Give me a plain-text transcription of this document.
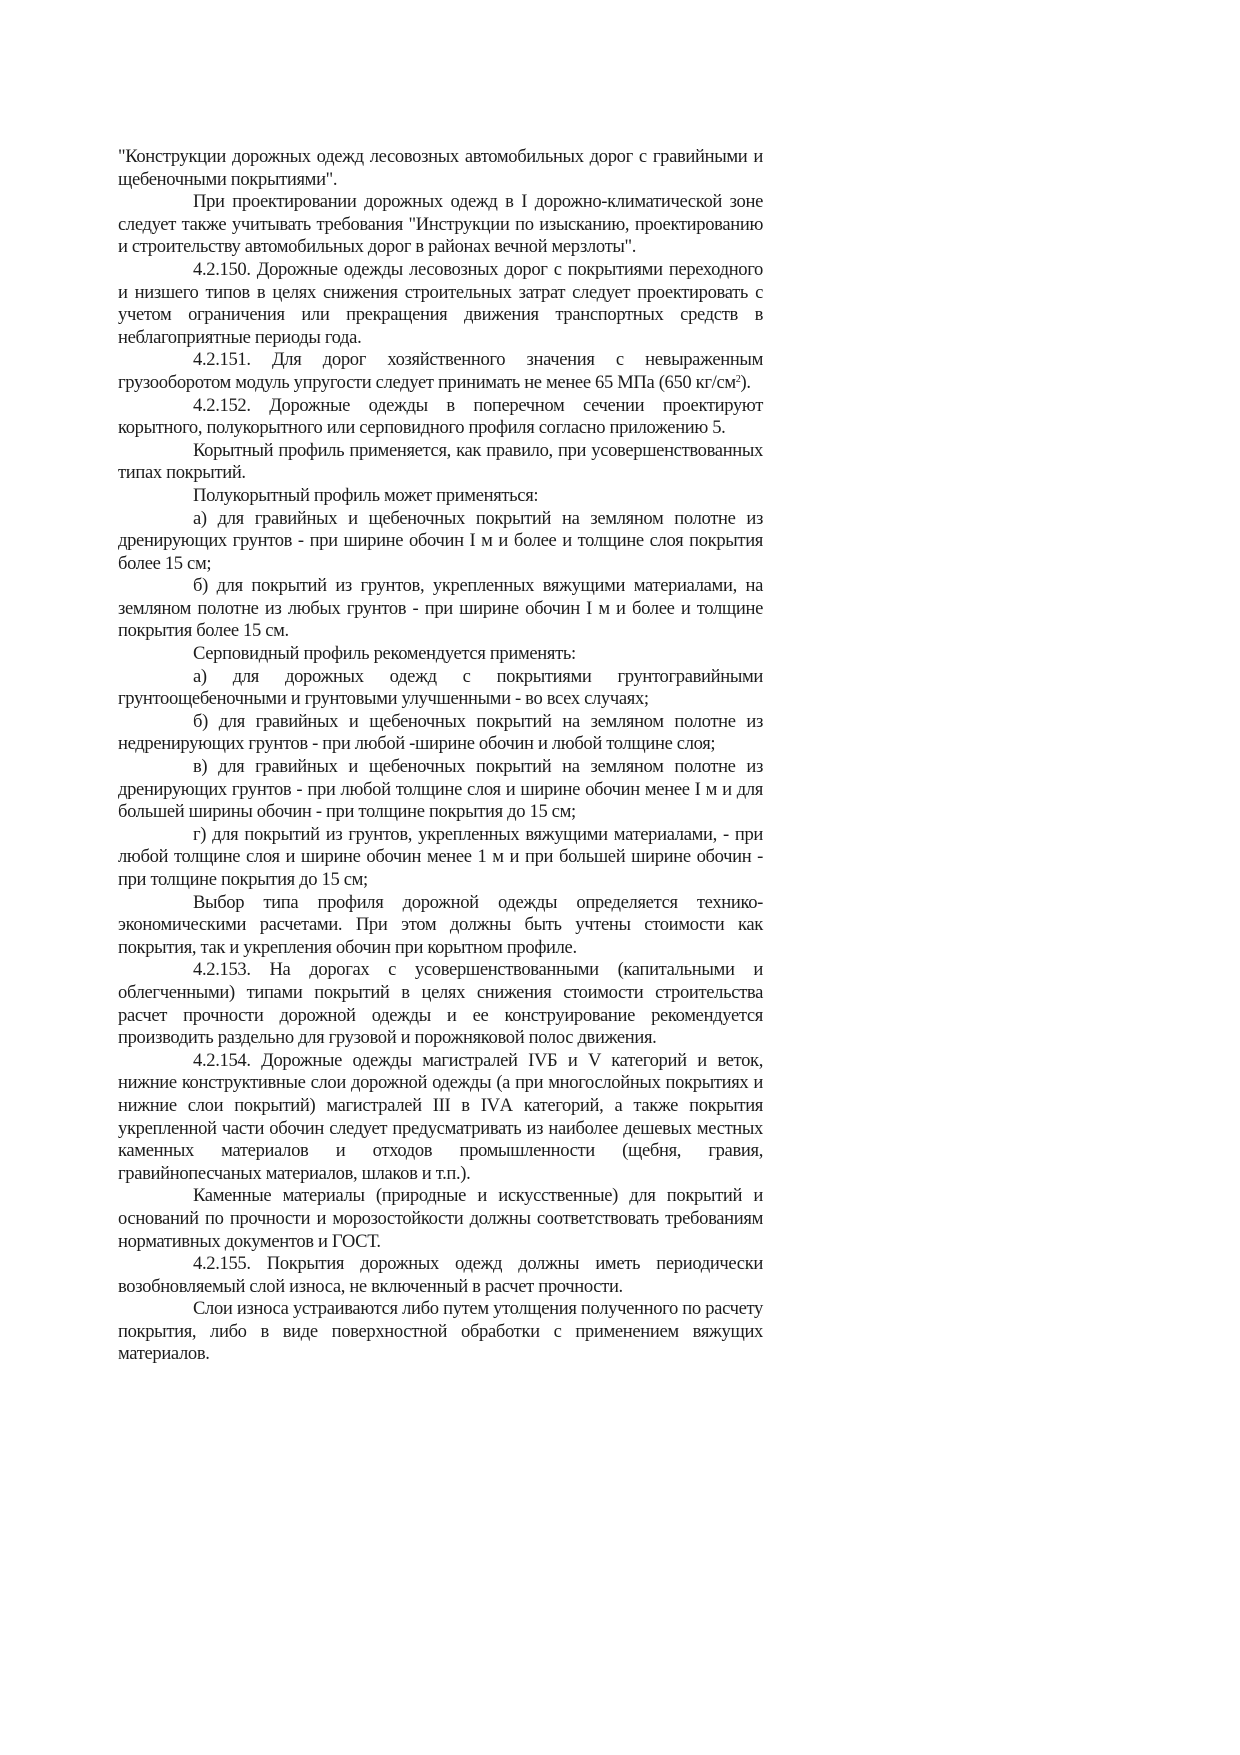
"Конструкции дорожных одежд лесовозных автомобильных дорог с гравийными и щебеночными покрытиями".

При проектировании дорожных одежд в I дорожно-климатической зоне следует также учитывать требования "Инструкции по изысканию, проектированию и строительству автомобильных дорог в районах вечной мерзлоты".

4.2.150. Дорожные одежды лесовозных дорог с покрытиями переходного и низшего типов в целях снижения строительных затрат следует проектировать с учетом ограничения или прекращения движения транспортных средств в неблагоприятные периоды года.

4.2.151. Для дорог хозяйственного значения с невыраженным грузооборотом модуль упругости следует принимать не менее 65 МПа (650 $кг/см^2$).

4.2.152. Дорожные одежды в поперечном сечении проектируют корытного, полукорытного или серповидного профиля согласно приложению 5.

Корытный профиль применяется, как правило, при усовершенствованных типах покрытий.

Полукорытный профиль может применяться:

а) для гравийных и щебеночных покрытий на земляном полотне из дренирующих грунтов - при ширине обочин I м и более и толщине слоя покрытия более 15 см;

б) для покрытий из грунтов, укрепленных вяжущими материалами, на земляном полотне из любых грунтов - при ширине обочин I м и более и толщине покрытия более 15 см.

Серповидный профиль рекомендуется применять:

а) для дорожных одежд с покрытиями грунтогравийными грунтоощебеночными и грунтовыми улучшенными - во всех случаях;

б) для гравийных и щебеночных покрытий на земляном полотне из недренирующих грунтов - при любой -ширине обочин и любой толщине слоя;

в) для гравийных и щебеночных покрытий на земляном полотне из дренирующих грунтов - при любой толщине слоя и ширине обочин менее I м и для большей ширины обочин - при толщине покрытия до 15 см;

г) для покрытий из грунтов, укрепленных вяжущими материалами, - при любой толщине слоя и ширине обочин менее 1 м и при большей ширине обочин - при толщине покрытия до 15 см;

Выбор типа профиля дорожной одежды определяется технико-экономическими расчетами. При этом должны быть учтены стоимости как покрытия, так и укрепления обочин при корытном профиле.

4.2.153. На дорогах с усовершенствованными (капитальными и облегченными) типами покрытий в целях снижения стоимости строительства расчет прочности дорожной одежды и ее конструирование рекомендуется производить раздельно для грузовой и порожняковой полос движения.

4.2.154. Дорожные одежды магистралей IVБ и V категорий и веток, нижние конструктивные слои дорожной одежды (а при многослойных покрытиях и нижние слои покрытий) магистралей III в IVА категорий, а также покрытия укрепленной части обочин следует предусматривать из наиболее дешевых местных каменных материалов и отходов промышленности (щебня, гравия, гравийнопесчаных материалов, шлаков и т.п.).

Каменные материалы (природные и искусственные) для покрытий и оснований по прочности и морозостойкости должны соответствовать требованиям нормативных документов и ГОСТ.

4.2.155. Покрытия дорожных одежд должны иметь периодически возобновляемый слой износа, не включенный в расчет прочности.

Слои износа устраиваются либо путем утолщения полученного по расчету покрытия, либо в виде поверхностной обработки с применением вяжущих материалов.
